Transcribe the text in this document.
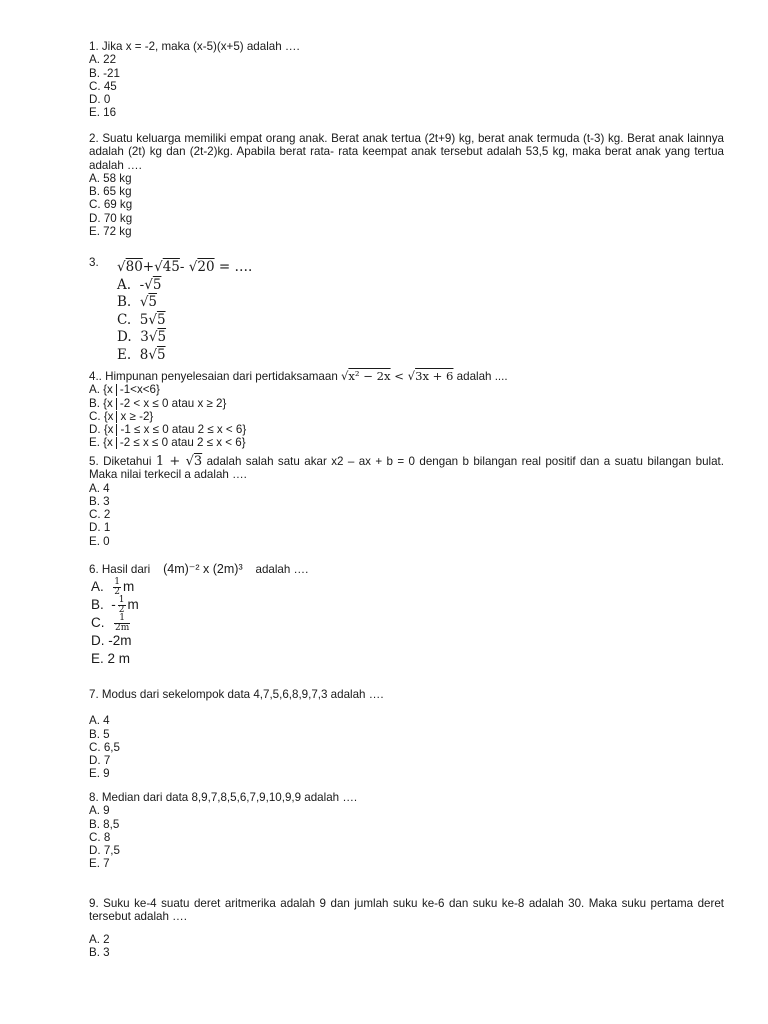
1. Jika x = -2, maka (x-5)(x+5) adalah ….

A. 22

B. -21

C. 45

D. 0

E. 16

2. Suatu keluarga memiliki empat orang anak. Berat anak tertua (2t+9) kg, berat anak termuda (t-3) kg. Berat anak lainnya adalah (2t) kg dan (2t-2)kg. Apabila berat rata- rata keempat anak tersebut adalah 53,5 kg, maka berat anak yang tertua adalah ….

A. 58 kg

B. 65 kg

C. 69 kg

D. 70 kg

E. 72 kg

3.	√80+√45- √20 = ….
A. -√5
B. √5
C. 5√5
D. 3√5
E. 8√5

4.. Himpunan penyelesaian dari pertidaksamaan √x² − 2x < √3x + 6 adalah ....

A. {x -1<x<6}

B. {x -2 < x ≤ 0 atau x ≥ 2}

C. {x x ≥ -2}

D. {x -1 ≤ x ≤ 0 atau 2 ≤ x < 6}

E. {x -2 ≤ x ≤ 0 atau 2 ≤ x < 6}

5. Diketahui 1 + √3 adalah salah satu akar x2 – ax + b = 0 dengan b bilangan real positif dan a suatu bilangan bulat. Maka nilai terkecil a adalah ….

A. 4

B. 3

C. 2

D. 1

E. 0

6. Hasil dari (4m)⁻² x (2m)³ adalah ….

A. $\frac{1}{2}$ m
B. - $\frac{1}{2}$ m
C. $\frac{1}{2m}$
D. -2m
E. 2 m

7. Modus dari sekelompok data 4,7,5,6,8,9,7,3 adalah ….

A. 4

B. 5

C. 6,5

D. 7

E. 9

8. Median dari data 8,9,7,8,5,6,7,9,10,9,9 adalah ….

A. 9

B. 8,5

C. 8

D. 7,5

E. 7

9. Suku ke-4 suatu deret aritmerika adalah 9 dan jumlah suku ke-6 dan suku ke-8 adalah 30. Maka suku pertama deret tersebut adalah ….

A. 2

B. 3
